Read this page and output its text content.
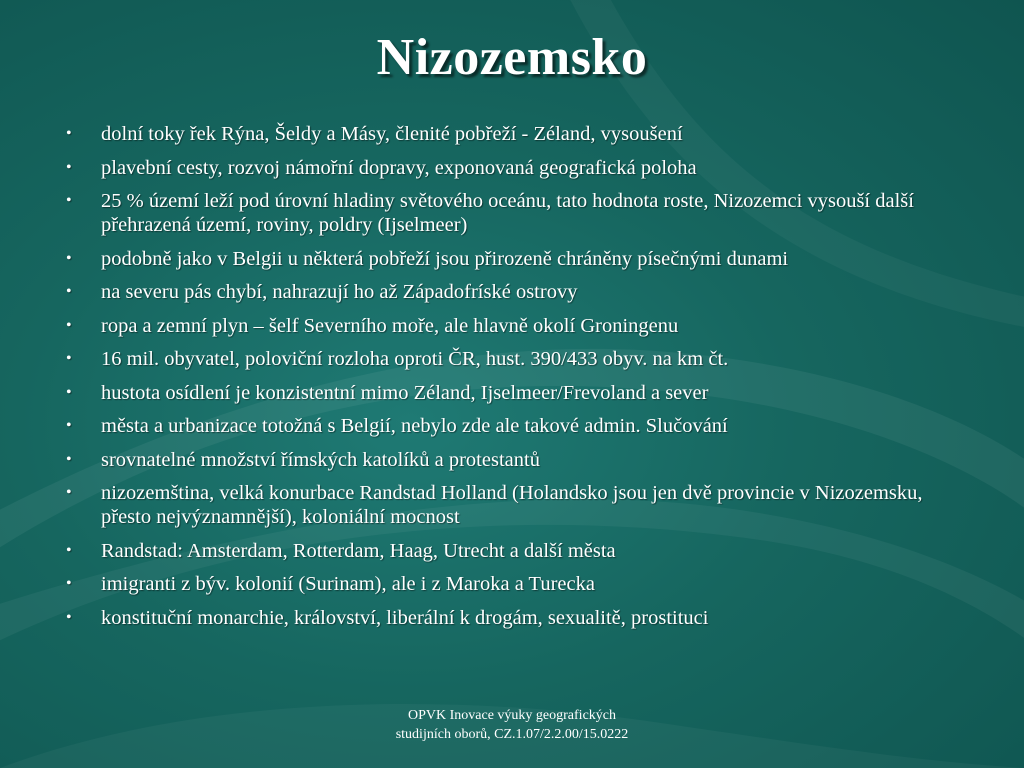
Nizozemsko
• dolní toky řek Rýna, Šeldy a Másy, členité pobřeží - Zéland, vysoušení
• plavební cesty, rozvoj námořní dopravy, exponovaná geografická poloha
• 25 % území leží pod úrovní hladiny světového oceánu, tato hodnota roste, Nizozemci vysouší další přehrazená území, roviny, poldry (Ijselmeer)
• podobně jako v Belgii u některá pobřeží jsou přirozeně chráněny písečnými dunami
• na severu pás chybí, nahrazují ho až Západofríské ostrovy
• ropa a zemní plyn – šelf Severního moře, ale hlavně okolí Groningenu
• 16 mil. obyvatel, poloviční rozloha oproti ČR, hust. 390/433 obyv. na km čt.
• hustota osídlení je konzistentní mimo Zéland, Ijselmeer/Frevoland a sever
• města a urbanizace totožná s Belgií, nebylo zde ale takové admin. Slučování
• srovnatelné množství římských katolíků a protestantů
• nizozemština, velká konurbace Randstad Holland (Holandsko jsou jen dvě provincie v Nizozemsku, přesto nejvýznamnější), koloniální mocnost
• Randstad: Amsterdam, Rotterdam, Haag, Utrecht a další města
• imigranti z býv. kolonií (Surinam), ale i z Maroka a Turecka
• konstituční monarchie, království, liberální k drogám, sexualitě, prostituci
OPVK Inovace výuky geografických
studijních oborů, CZ.1.07/2.2.00/15.0222
